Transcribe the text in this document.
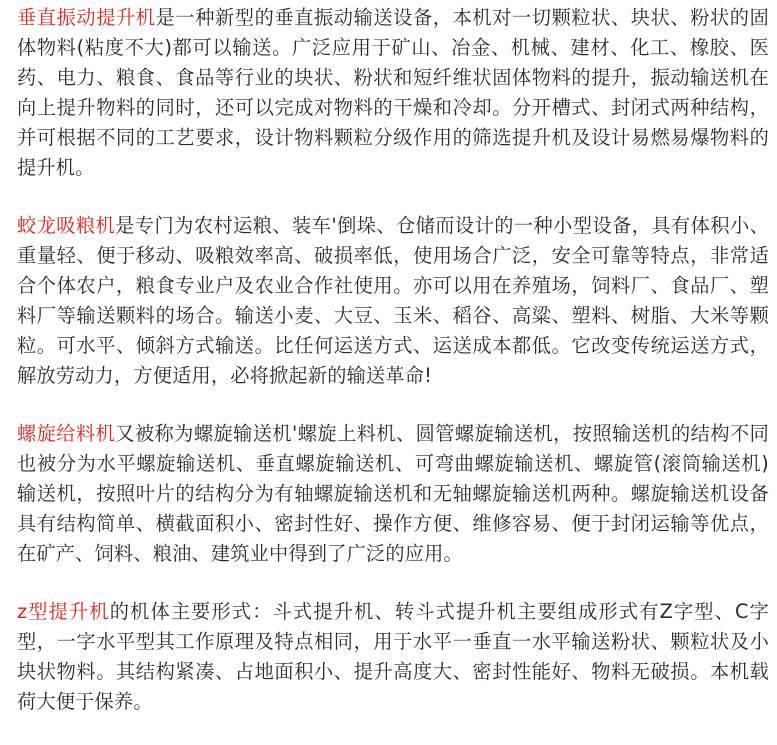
垂直振动提升机是一种新型的垂直振动输送设备，本机对一切颗粒状、块状、粉状的固体物料(粘度不大)都可以输送。广泛应用于矿山、冶金、机械、建材、化工、橡胶、医药、电力、粮食、食品等行业的块状、粉状和短纤维状固体物料的提升，振动输送机在向上提升物料的同时，还可以完成对物料的干燥和冷却。分开槽式、封闭式两种结构，并可根据不同的工艺要求，设计物料颗粒分级作用的筛选提升机及设计易燃易爆物料的提升机。

蛟龙吸粮机是专门为农村运粮、装车'倒垛、仓储而设计的一种小型设备，具有体积小、重量轻、便于移动、吸粮效率高、破损率低，使用场合广泛，安全可靠等特点，非常适合个体农户，粮食专业户及农业合作社使用。亦可以用在养殖场，饲料厂、食品厂、塑料厂等输送颗料的场合。输送小麦、大豆、玉米、稻谷、高粱、塑料、树脂、大米等颗粒。可水平、倾斜方式输送。比任何运送方式、运送成本都低。它改变传统运送方式，解放劳动力，方便适用，必将掀起新的输送革命!

螺旋给料机又被称为螺旋输送机'螺旋上料机、圆管螺旋输送机，按照输送机的结构不同也被分为水平螺旋输送机、垂直螺旋输送机、可弯曲螺旋输送机、螺旋管(滚筒输送机)输送机，按照叶片的结构分为有轴螺旋输送机和无轴螺旋输送机两种。螺旋输送机设备具有结构简单、横截面积小、密封性好、操作方便、维修容易、便于封闭运输等优点，在矿产、饲料、粮油、建筑业中得到了广泛的应用。

z型提升机的机体主要形式：斗式提升机、转斗式提升机主要组成形式有Z字型、C字型，一字水平型其工作原理及特点相同，用于水平一垂直一水平输送粉状、颗粒状及小块状物料。其结构紧凑、占地面积小、提升高度大、密封性能好、物料无破损。本机载荷大便于保养。
